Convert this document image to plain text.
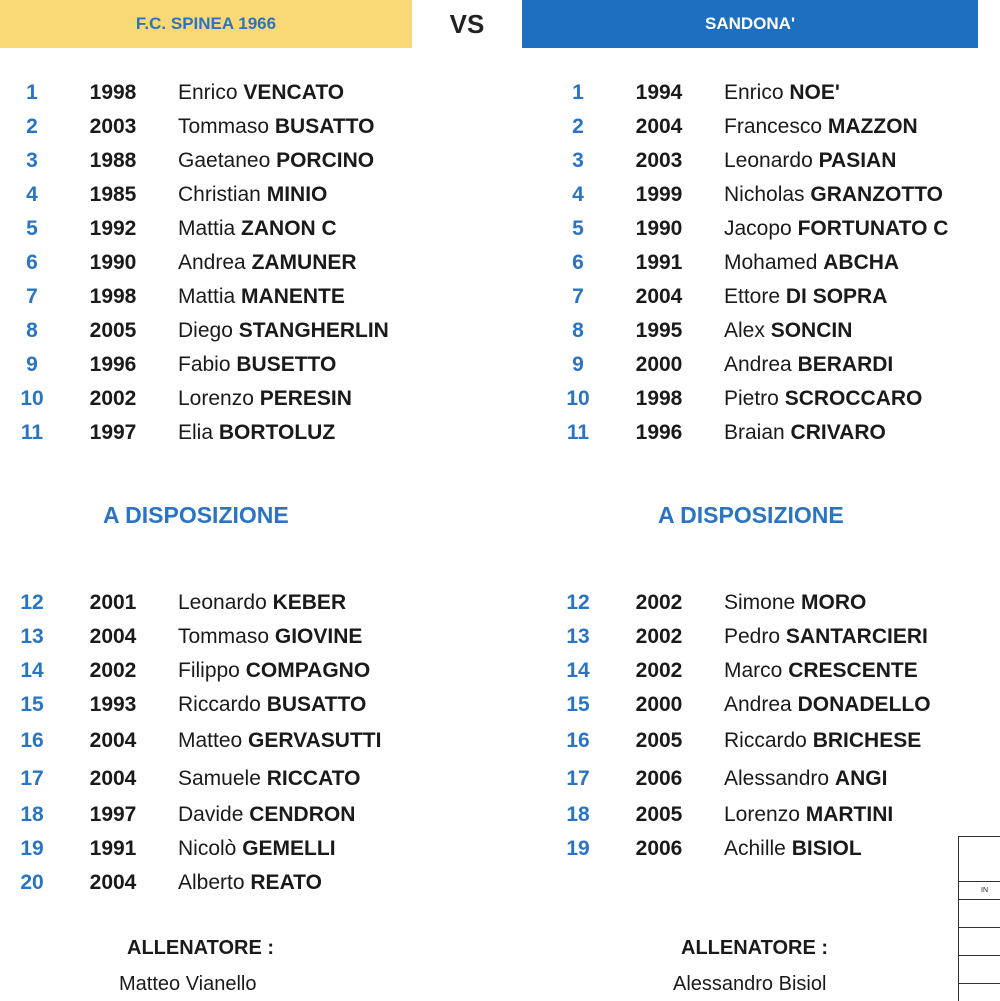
F.C. SPINEA 1966	VS	SANDONA'
1	1998	Enrico VENCATO
2	2003	Tommaso BUSATTO
3	1988	Gaetaneo PORCINO
4	1985	Christian MINIO
5	1992	Mattia ZANON C
6	1990	Andrea ZAMUNER
7	1998	Mattia MANENTE
8	2005	Diego STANGHERLIN
9	1996	Fabio BUSETTO
10	2002	Lorenzo PERESIN
11	1997	Elia BORTOLUZ
1	1994	Enrico NOE'
2	2004	Francesco MAZZON
3	2003	Leonardo PASIAN
4	1999	Nicholas GRANZOTTO
5	1990	Jacopo FORTUNATO C
6	1991	Mohamed ABCHA
7	2004	Ettore DI SOPRA
8	1995	Alex SONCIN
9	2000	Andrea BERARDI
10	1998	Pietro SCROCCARO
11	1996	Braian CRIVARO
A DISPOSIZIONE	A DISPOSIZIONE
12	2001	Leonardo KEBER
13	2004	Tommaso GIOVINE
14	2002	Filippo COMPAGNO
15	1993	Riccardo BUSATTO
16	2004	Matteo GERVASUTTI
17	2004	Samuele RICCATO
18	1997	Davide CENDRON
19	1991	Nicolò GEMELLI
20	2004	Alberto REATO
12	2002	Simone MORO
13	2002	Pedro SANTARCIERI
14	2002	Marco CRESCENTE
15	2000	Andrea DONADELLO
16	2005	Riccardo BRICHESE
17	2006	Alessandro ANGI
18	2005	Lorenzo MARTINI
19	2006	Achille BISIOL
ALLENATORE :
Matteo Vianello
ALLENATORE :
Alessandro Bisiol
IN
